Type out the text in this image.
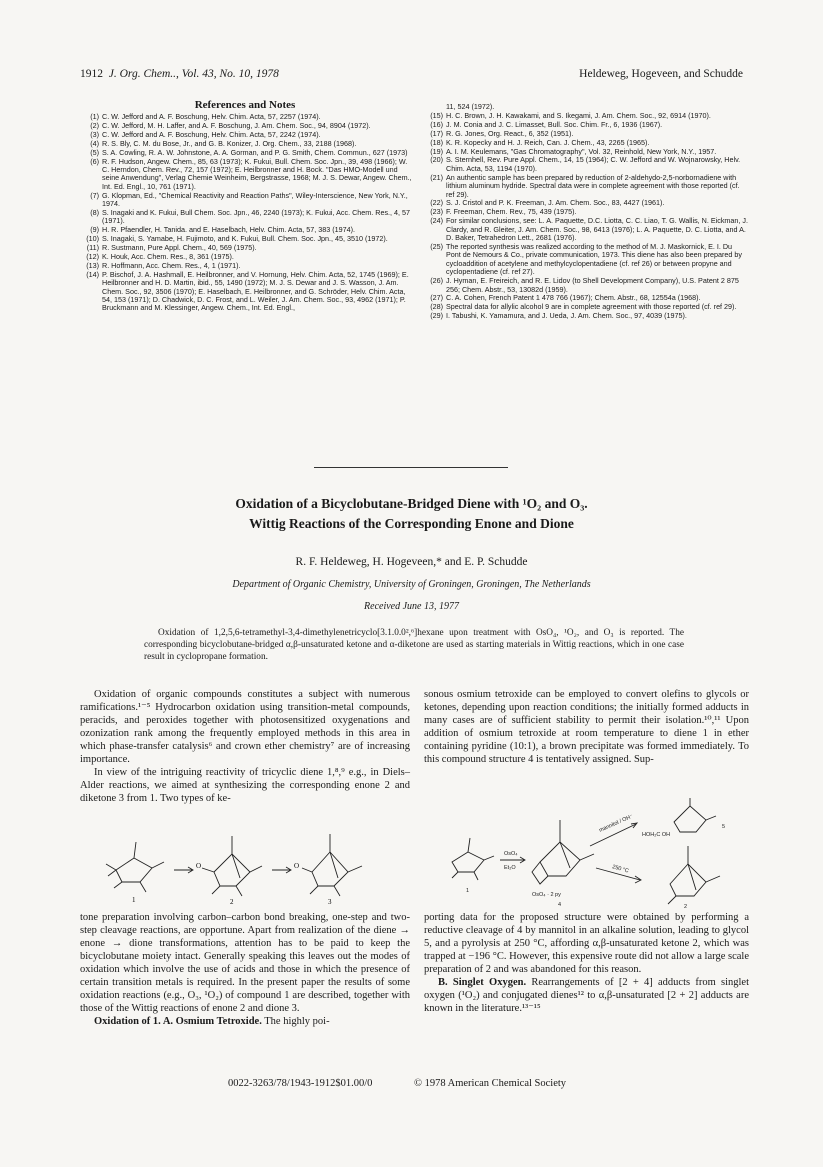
1912 J. Org. Chem.., Vol. 43, No. 10, 1978	Heldeweg, Hogeveen, and Schudde
References and Notes
(1) C. W. Jefford and A. F. Boschung, Helv. Chim. Acta, 57, 2257 (1974).
(2) C. W. Jefford, M. H. Laffer, and A. F. Boschung, J. Am. Chem. Soc., 94, 8904 (1972).
(3) C. W. Jefford and A. F. Boschung, Helv. Chim. Acta, 57, 2242 (1974).
(4) R. S. Bly, C. M. du Bose, Jr., and G. B. Konizer, J. Org. Chem., 33, 2188 (1968).
(5) S. A. Cowling, R. A. W. Johnstone, A. A. Gorman, and P. G. Smith, Chem. Commun., 627 (1973)
(6) R. F. Hudson, Angew. Chem., 85, 63 (1973); K. Fukui, Bull. Chem. Soc. Jpn., 39, 498 (1966); W. C. Herndon, Chem. Rev., 72, 157 (1972); E. Heilbronner and H. Bock. "Das HMO-Modell und seine Anwendung", Verlag Chemie Weinheim, Bergstrasse, 1968; M. J. S. Dewar, Angew. Chem., Int. Ed. Engl., 10, 761 (1971).
(7) G. Klopman, Ed., "Chemical Reactivity and Reaction Paths", Wiley-Interscience, New York, N.Y., 1974.
(8) S. Inagaki and K. Fukui, Bull Chem. Soc. Jpn., 46, 2240 (1973); K. Fukui, Acc. Chem. Res., 4, 57 (1971).
(9) H. R. Pfaendler, H. Tanida. and E. Haselbach, Helv. Chim. Acta, 57, 383 (1974).
(10) S. Inagaki, S. Yamabe, H. Fujimoto, and K. Fukui, Bull. Chem. Soc. Jpn., 45, 3510 (1972).
(11) R. Sustmann, Pure Appl. Chem., 40, 569 (1975).
(12) K. Houk, Acc. Chem. Res., 8, 361 (1975).
(13) R. Hoffmann, Acc. Chem. Res., 4, 1 (1971).
(14) P. Bischof, J. A. Hashmall, E. Heilbronner, and V. Hornung, Helv. Chim. Acta, 52, 1745 (1969); E. Heilbronner and H. D. Martin, ibid., 55, 1490 (1972); M. J. S. Dewar and J. S. Wasson, J. Am. Chem. Soc., 92, 3506 (1970); E. Haselbach, E. Heilbronner, and G. Schröder, Helv. Chim. Acta, 54, 153 (1971); D. Chadwick, D. C. Frost, and L. Weiler, J. Am. Chem. Soc., 93, 4962 (1971); P. Bruckmann and M. Klessinger, Angew. Chem., Int. Ed. Engl.,
11, 524 (1972).
(15) H. C. Brown, J. H. Kawakami, and S. Ikegami, J. Am. Chem. Soc., 92, 6914 (1970).
(16) J. M. Conia and J. C. Limasset, Bull. Soc. Chim. Fr., 6, 1936 (1967).
(17) R. G. Jones, Org. React., 6, 352 (1951).
(18) K. R. Kopecky and H. J. Reich, Can. J. Chem., 43, 2265 (1965).
(19) A. I. M. Keulemans, "Gas Chromatography", Vol. 32, Reinhold, New York, N.Y., 1957.
(20) S. Sternhell, Rev. Pure Appl. Chem., 14, 15 (1964); C. W. Jefford and W. Wojnarowsky, Helv. Chim. Acta, 53, 1194 (1970).
(21) An authentic sample has been prepared by reduction of 2-aldehydo-2,5-norbornadiene with lithium aluminum hydride. Spectral data were in complete agreement with those reported (cf. ref 29).
(22) S. J. Cristol and P. K. Freeman, J. Am. Chem. Soc., 83, 4427 (1961).
(23) F. Freeman, Chem. Rev., 75, 439 (1975).
(24) For similar conclusions, see: L. A. Paquette, D.C. Liotta, C. C. Liao, T. G. Wallis, N. Eickman, J. Clardy, and R. Gleiter, J. Am. Chem. Soc., 98, 6413 (1976); L. A. Paquette, D. C. Liotta, and A. D. Baker, Tetrahedron Lett., 2681 (1976).
(25) The reported synthesis was realized according to the method of M. J. Maskornick, E. I. Du Pont de Nemours & Co., private communication, 1973. This diene has also been prepared by cycloaddition of acetylene and methylcyclopentadiene (cf. ref 26) or between propyne and cyclopentadiene (cf. ref 27).
(26) J. Hyman, E. Freireich, and R. E. Lidov (to Shell Development Company), U.S. Patent 2 875 256; Chem. Abstr., 53, 13082d (1959).
(27) C. A. Cohen, French Patent 1 478 766 (1967); Chem. Abstr., 68, 12554a (1968).
(28) Spectral data for allylic alcohol 9 are in complete agreement with those reported (cf. ref 29).
(29) I. Tabushi, K. Yamamura, and J. Ueda, J. Am. Chem. Soc., 97, 4039 (1975).
Oxidation of a Bicyclobutane-Bridged Diene with ¹O₂ and O₃.
Wittig Reactions of the Corresponding Enone and Dione
R. F. Heldeweg, H. Hogeveen,* and E. P. Schudde
Department of Organic Chemistry, University of Groningen, Groningen, The Netherlands
Received June 13, 1977
Oxidation of 1,2,5,6-tetramethyl-3,4-dimethylenetricyclo[3.1.0.0²,⁶]hexane upon treatment with OsO₄, ¹O₂, and O₃ is reported. The corresponding bicyclobutane-bridged α,β-unsaturated ketone and α-diketone are used as starting materials in Wittig reactions, which in one case result in cyclopropane formation.

Oxidation of organic compounds constitutes a subject with numerous ramifications.¹⁻⁵ Hydrocarbon oxidation using transition-metal compounds, peracids, and peroxides together with photosensitized oxygenations and ozonization rank among the frequently employed methods in this area in which phase-transfer catalysis⁶ and crown ether chemistry⁷ are of increasing importance.

In view of the intriguing reactivity of tricyclic diene 1,⁸,⁹ e.g., in Diels–Alder reactions, we aimed at synthesizing the corresponding enone 2 and diketone 3 from 1. Two types of ke-

O	O
1	2	3

tone preparation involving carbon–carbon bond breaking, one-step and two-step cleavage reactions, are opportune. Apart from realization of the diene → enone → dione transformations, attention has to be paid to keep the bicyclobutane moiety intact. Generally speaking this leaves out the modes of oxidation which involve the use of acids and those in which the presence of certain transition metals is required. In the present paper the results of some oxidation reactions (e.g., O₃, ¹O₂) of compound 1 are described, together with those of the Wittig reactions of enone 2 and dione 3.

Oxidation of 1. A. Osmium Tetroxide. The highly poi-

sonous osmium tetroxide can be employed to convert olefins to glycols or ketones, depending upon reaction conditions; the initially formed adducts in many cases are of sufficient stability to permit their isolation.¹⁰,¹¹ Upon addition of osmium tetroxide at room temperature to diene 1 in ether containing pyridine (10:1), a brown precipitate was formed immediately. To this compound structure 4 is tentatively assigned. Sup-

OsO₄
Et₂O
mannitol / OH⁻
250 °C
HOH₂C OH
OsO₄ · 2 py
1
4
5
2

porting data for the proposed structure were obtained by performing a reductive cleavage of 4 by mannitol in an alkaline solution, leading to glycol 5, and a pyrolysis at 250 °C, affording α,β-unsaturated ketone 2, which was trapped at −196 °C. However, this expensive route did not allow a large scale preparation of 2 and was abandoned for this reason.

B. Singlet Oxygen. Rearrangements of [2 + 4] adducts from singlet oxygen (¹O₂) and conjugated dienes¹² to α,β-unsaturated [2 + 2] adducts are known in the literature.¹³⁻¹⁵

0022-3263/78/1943-1912$01.00/0	© 1978 American Chemical Society
